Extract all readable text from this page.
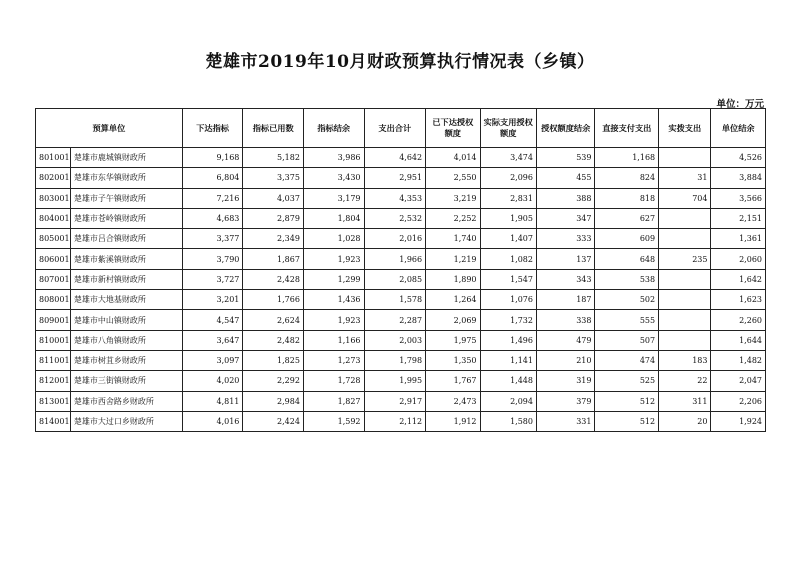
楚雄市2019年10月财政预算执行情况表（乡镇）
单位：万元
预算单位		下达指标	指标已用数	指标结余	支出合计	已下达授权额度	实际支用授权额度	授权额度结余	直接支付支出	实拨支出	单位结余
801001	楚雄市鹿城镇财政所	9,168	5,182	3,986	4,642	4,014	3,474	539	1,168		4,526
802001	楚雄市东华镇财政所	6,804	3,375	3,430	2,951	2,550	2,096	455	824	31	3,884
803001	楚雄市子午镇财政所	7,216	4,037	3,179	4,353	3,219	2,831	388	818	704	3,566
804001	楚雄市苍岭镇财政所	4,683	2,879	1,804	2,532	2,252	1,905	347	627		2,151
805001	楚雄市吕合镇财政所	3,377	2,349	1,028	2,016	1,740	1,407	333	609		1,361
806001	楚雄市紫溪镇财政所	3,790	1,867	1,923	1,966	1,219	1,082	137	648	235	2,060
807001	楚雄市新村镇财政所	3,727	2,428	1,299	2,085	1,890	1,547	343	538		1,642
808001	楚雄市大地基财政所	3,201	1,766	1,436	1,578	1,264	1,076	187	502		1,623
809001	楚雄市中山镇财政所	4,547	2,624	1,923	2,287	2,069	1,732	338	555		2,260
810001	楚雄市八角镇财政所	3,647	2,482	1,166	2,003	1,975	1,496	479	507		1,644
811001	楚雄市树苴乡财政所	3,097	1,825	1,273	1,798	1,350	1,141	210	474	183	1,482
812001	楚雄市三街镇财政所	4,020	2,292	1,728	1,995	1,767	1,448	319	525	22	2,047
813001	楚雄市西舍路乡财政所	4,811	2,984	1,827	2,917	2,473	2,094	379	512	311	2,206
814001	楚雄市大过口乡财政所	4,016	2,424	1,592	2,112	1,912	1,580	331	512	20	1,924
